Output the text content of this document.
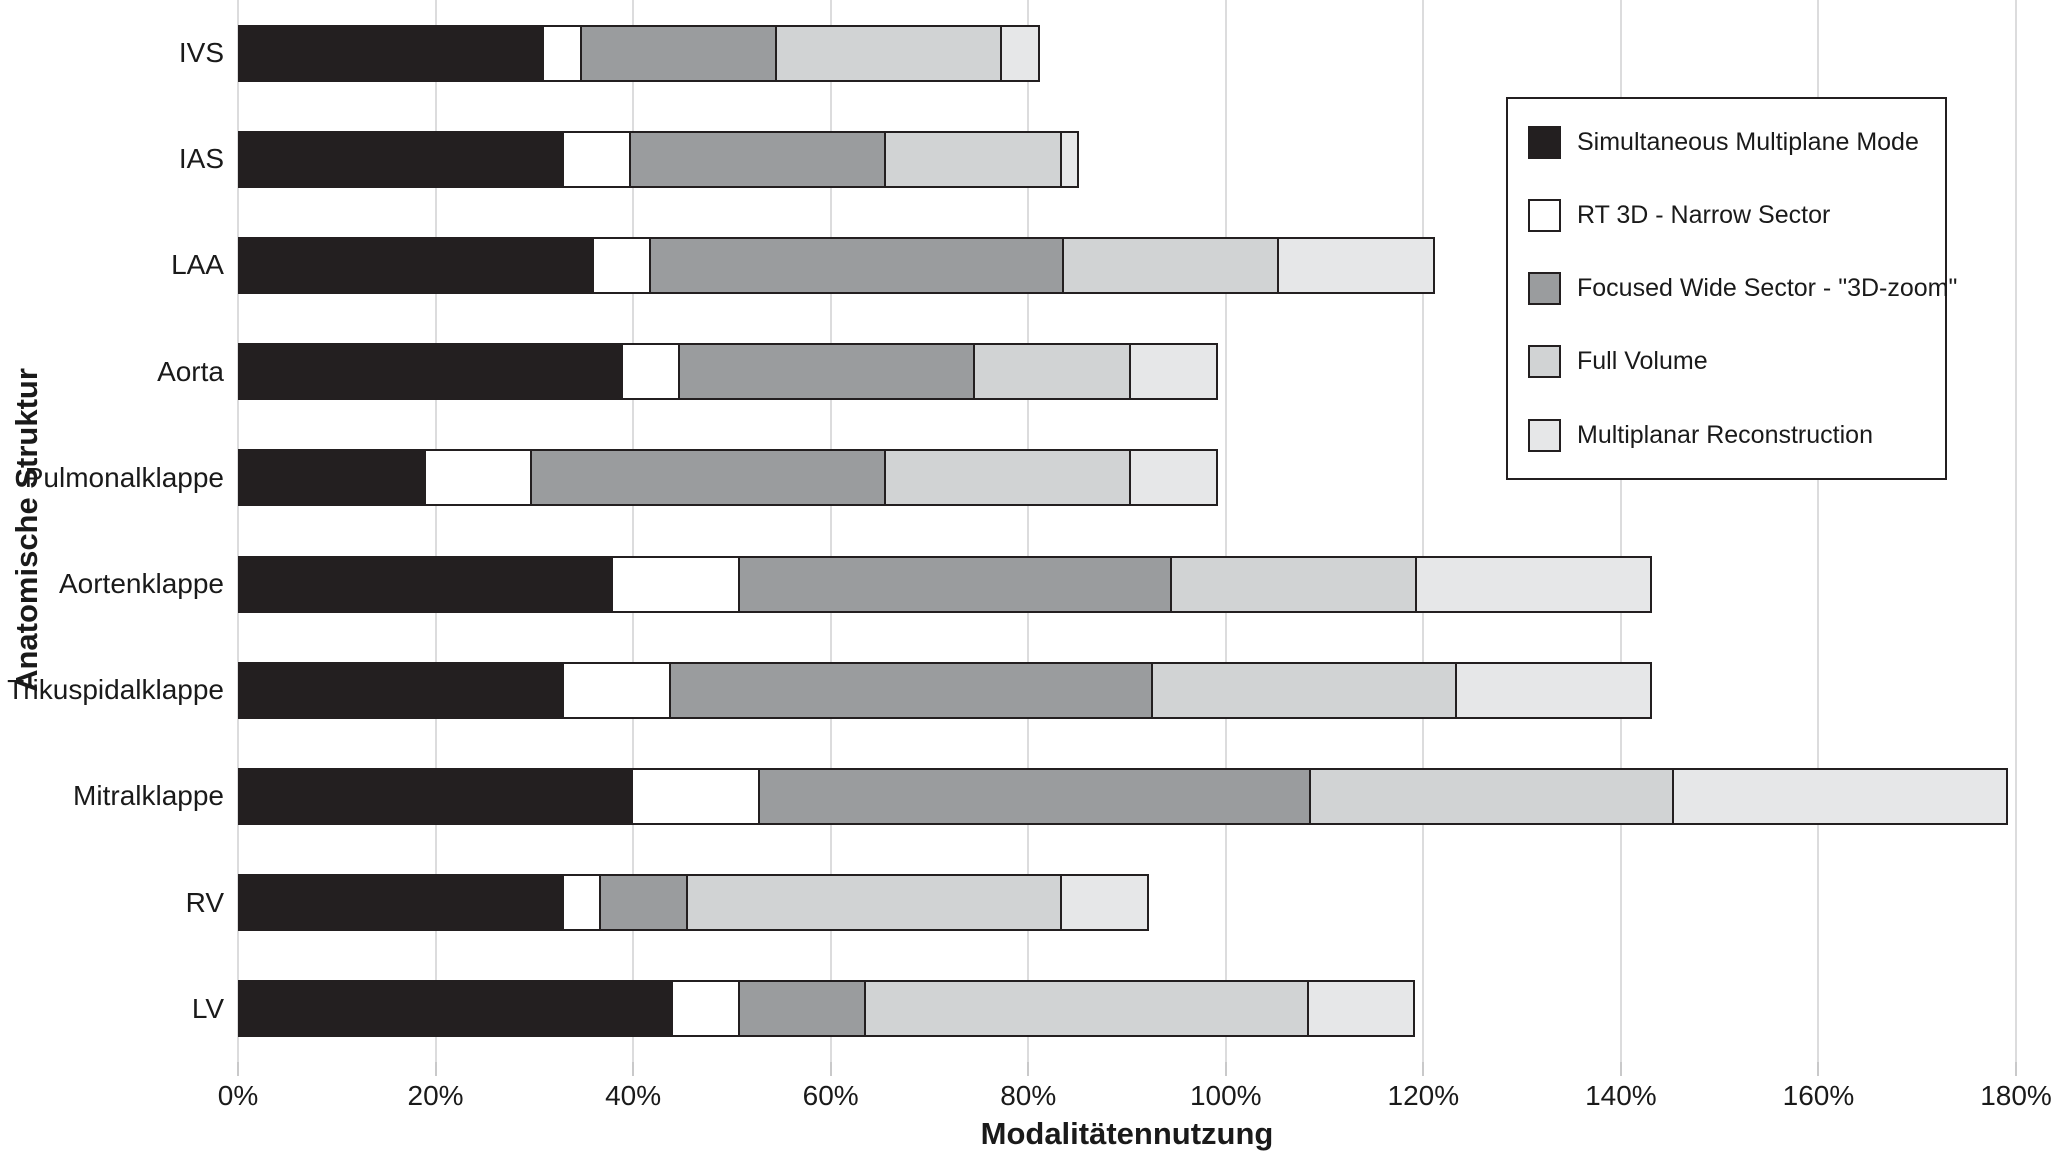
Anatomische Struktur
IVS
IAS
LAA
Aorta
Pulmonalklappe
Aortenklappe
Trikuspidalklappe
Mitralklappe
RV
LV
0%	20%	40%	60%	80%	100%	120%	140%	160%	180%
Modalitätennutzung
Simultaneous Multiplane Mode
RT 3D - Narrow Sector
Focused Wide Sector - "3D-zoom"
Full Volume
Multiplanar Reconstruction
